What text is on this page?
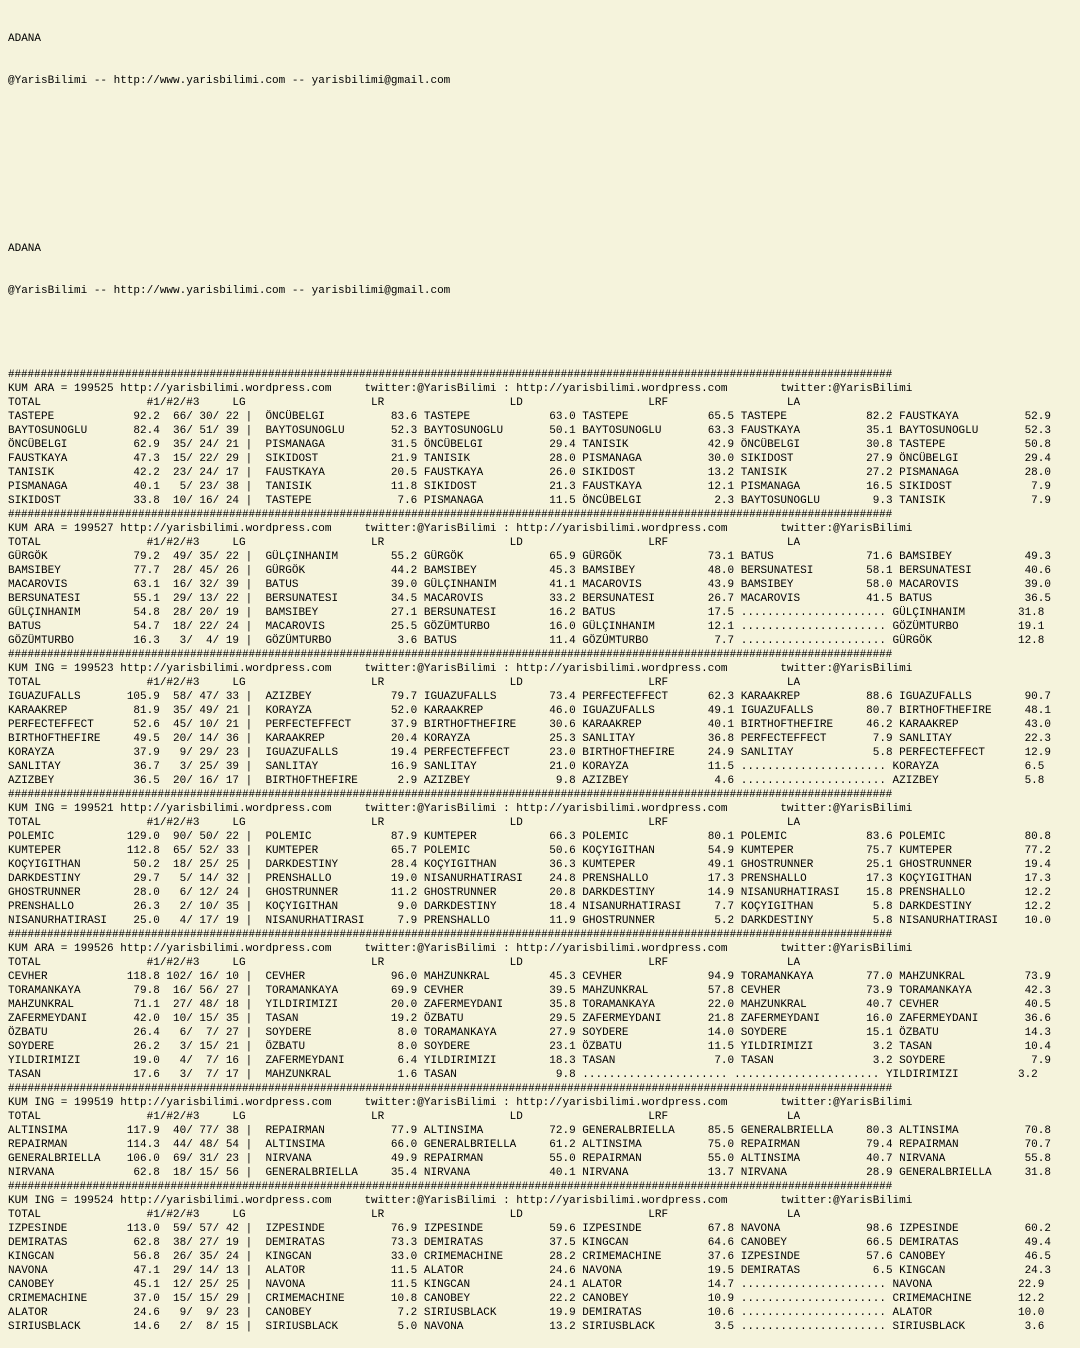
ADANA

@YarisBilimi -- http://www.yarisbilimi.com -- yarisbilimi@gmail.com

ADANA

@YarisBilimi -- http://www.yarisbilimi.com -- yarisbilimi@gmail.com

########################################################################################################################################
KUM ARA = 199525 http://yarisbilimi.wordpress.com     twitter:@YarisBilimi : http://yarisbilimi.wordpress.com        twitter:@YarisBilimi
TOTAL                #1/#2/#3     LG                   LR                   LD                   LRF                  LA
TASTEPE            92.2  66/ 30/ 22 |  ÖNCÜBELGI          83.6 TASTEPE            63.0 TASTEPE            65.5 TASTEPE            82.2 FAUSTKAYA          52.9
BAYTOSUNOGLU       82.4  36/ 51/ 39 |  BAYTOSUNOGLU       52.3 BAYTOSUNOGLU       50.1 BAYTOSUNOGLU       63.3 FAUSTKAYA          35.1 BAYTOSUNOGLU       52.3
ÖNCÜBELGI          62.9  35/ 24/ 21 |  PISMANAGA          31.5 ÖNCÜBELGI          29.4 TANISIK            42.9 ÖNCÜBELGI          30.8 TASTEPE            50.8
FAUSTKAYA          47.3  15/ 22/ 29 |  SIKIDOST           21.9 TANISIK            28.0 PISMANAGA          30.0 SIKIDOST           27.9 ÖNCÜBELGI          29.4
TANISIK            42.2  23/ 24/ 17 |  FAUSTKAYA          20.5 FAUSTKAYA          26.0 SIKIDOST           13.2 TANISIK            27.2 PISMANAGA          28.0
PISMANAGA          40.1   5/ 23/ 38 |  TANISIK            11.8 SIKIDOST           21.3 FAUSTKAYA          12.1 PISMANAGA          16.5 SIKIDOST            7.9
SIKIDOST           33.8  10/ 16/ 24 |  TASTEPE             7.6 PISMANAGA          11.5 ÖNCÜBELGI           2.3 BAYTOSUNOGLU        9.3 TANISIK             7.9
########################################################################################################################################
KUM ARA = 199527 http://yarisbilimi.wordpress.com     twitter:@YarisBilimi : http://yarisbilimi.wordpress.com        twitter:@YarisBilimi
TOTAL                #1/#2/#3     LG                   LR                   LD                   LRF                  LA
GÜRGÖK             79.2  49/ 35/ 22 |  GÜLÇINHANIM        55.2 GÜRGÖK             65.9 GÜRGÖK             73.1 BATUS              71.6 BAMSIBEY           49.3
BAMSIBEY           77.7  28/ 45/ 26 |  GÜRGÖK             44.2 BAMSIBEY           45.3 BAMSIBEY           48.0 BERSUNATESI        58.1 BERSUNATESI        40.6
MACAROVIS          63.1  16/ 32/ 39 |  BATUS              39.0 GÜLÇINHANIM        41.1 MACAROVIS          43.9 BAMSIBEY           58.0 MACAROVIS          39.0
BERSUNATESI        55.1  29/ 13/ 22 |  BERSUNATESI        34.5 MACAROVIS          33.2 BERSUNATESI        26.7 MACAROVIS          41.5 BATUS              36.5
GÜLÇINHANIM        54.8  28/ 20/ 19 |  BAMSIBEY           27.1 BERSUNATESI        16.2 BATUS              17.5 ...................... GÜLÇINHANIM        31.8
BATUS              54.7  18/ 22/ 24 |  MACAROVIS          25.5 GÖZÜMTURBO         16.0 GÜLÇINHANIM        12.1 ...................... GÖZÜMTURBO         19.1
GÖZÜMTURBO         16.3   3/  4/ 19 |  GÖZÜMTURBO          3.6 BATUS              11.4 GÖZÜMTURBO          7.7 ...................... GÜRGÖK             12.8
########################################################################################################################################
KUM ING = 199523 http://yarisbilimi.wordpress.com     twitter:@YarisBilimi : http://yarisbilimi.wordpress.com        twitter:@YarisBilimi
TOTAL                #1/#2/#3     LG                   LR                   LD                   LRF                  LA
IGUAZUFALLS       105.9  58/ 47/ 33 |  AZIZBEY            79.7 IGUAZUFALLS        73.4 PERFECTEFFECT      62.3 KARAAKREP          88.6 IGUAZUFALLS        90.7
KARAAKREP          81.9  35/ 49/ 21 |  KORAYZA            52.0 KARAAKREP          46.0 IGUAZUFALLS        49.1 IGUAZUFALLS        80.7 BIRTHOFTHEFIRE     48.1
PERFECTEFFECT      52.6  45/ 10/ 21 |  PERFECTEFFECT      37.9 BIRTHOFTHEFIRE     30.6 KARAAKREP          40.1 BIRTHOFTHEFIRE     46.2 KARAAKREP          43.0
BIRTHOFTHEFIRE     49.5  20/ 14/ 36 |  KARAAKREP          20.4 KORAYZA            25.3 SANLITAY           36.8 PERFECTEFFECT       7.9 SANLITAY           22.3
KORAYZA            37.9   9/ 29/ 23 |  IGUAZUFALLS        19.4 PERFECTEFFECT      23.0 BIRTHOFTHEFIRE     24.9 SANLITAY            5.8 PERFECTEFFECT      12.9
SANLITAY           36.7   3/ 25/ 39 |  SANLITAY           16.9 SANLITAY           21.0 KORAYZA            11.5 ...................... KORAYZA             6.5
AZIZBEY            36.5  20/ 16/ 17 |  BIRTHOFTHEFIRE      2.9 AZIZBEY             9.8 AZIZBEY             4.6 ...................... AZIZBEY             5.8
########################################################################################################################################
KUM ING = 199521 http://yarisbilimi.wordpress.com     twitter:@YarisBilimi : http://yarisbilimi.wordpress.com        twitter:@YarisBilimi
TOTAL                #1/#2/#3     LG                   LR                   LD                   LRF                  LA
POLEMIC           129.0  90/ 50/ 22 |  POLEMIC            87.9 KUMTEPER           66.3 POLEMIC            80.1 POLEMIC            83.6 POLEMIC            80.8
KUMTEPER          112.8  65/ 52/ 33 |  KUMTEPER           65.7 POLEMIC            50.6 KOÇYIGITHAN        54.9 KUMTEPER           75.7 KUMTEPER           77.2
KOÇYIGITHAN        50.2  18/ 25/ 25 |  DARKDESTINY        28.4 KOÇYIGITHAN        36.3 KUMTEPER           49.1 GHOSTRUNNER        25.1 GHOSTRUNNER        19.4
DARKDESTINY        29.7   5/ 14/ 32 |  PRENSHALLO         19.0 NISANURHATIRASI    24.8 PRENSHALLO         17.3 PRENSHALLO         17.3 KOÇYIGITHAN        17.3
GHOSTRUNNER        28.0   6/ 12/ 24 |  GHOSTRUNNER        11.2 GHOSTRUNNER        20.8 DARKDESTINY        14.9 NISANURHATIRASI    15.8 PRENSHALLO         12.2
PRENSHALLO         26.3   2/ 10/ 35 |  KOÇYIGITHAN         9.0 DARKDESTINY        18.4 NISANURHATIRASI     7.7 KOÇYIGITHAN         5.8 DARKDESTINY        12.2
NISANURHATIRASI    25.0   4/ 17/ 19 |  NISANURHATIRASI     7.9 PRENSHALLO         11.9 GHOSTRUNNER         5.2 DARKDESTINY         5.8 NISANURHATIRASI    10.0
########################################################################################################################################
KUM ARA = 199526 http://yarisbilimi.wordpress.com     twitter:@YarisBilimi : http://yarisbilimi.wordpress.com        twitter:@YarisBilimi
TOTAL                #1/#2/#3     LG                   LR                   LD                   LRF                  LA
CEVHER            118.8 102/ 16/ 10 |  CEVHER             96.0 MAHZUNKRAL         45.3 CEVHER             94.9 TORAMANKAYA        77.0 MAHZUNKRAL         73.9
TORAMANKAYA        79.8  16/ 56/ 27 |  TORAMANKAYA        69.9 CEVHER             39.5 MAHZUNKRAL         57.8 CEVHER             73.9 TORAMANKAYA        42.3
MAHZUNKRAL         71.1  27/ 48/ 18 |  YILDIRIMIZI        20.0 ZAFERMEYDANI       35.8 TORAMANKAYA        22.0 MAHZUNKRAL         40.7 CEVHER             40.5
ZAFERMEYDANI       42.0  10/ 15/ 35 |  TASAN              19.2 ÖZBATU             29.5 ZAFERMEYDANI       21.8 ZAFERMEYDANI       16.0 ZAFERMEYDANI       36.6
ÖZBATU             26.4   6/  7/ 27 |  SOYDERE             8.0 TORAMANKAYA        27.9 SOYDERE            14.0 SOYDERE            15.1 ÖZBATU             14.3
SOYDERE            26.2   3/ 15/ 21 |  ÖZBATU              8.0 SOYDERE            23.1 ÖZBATU             11.5 YILDIRIMIZI         3.2 TASAN              10.4
YILDIRIMIZI        19.0   4/  7/ 16 |  ZAFERMEYDANI        6.4 YILDIRIMIZI        18.3 TASAN               7.0 TASAN               3.2 SOYDERE             7.9
TASAN              17.6   3/  7/ 17 |  MAHZUNKRAL          1.6 TASAN               9.8 ...................... ...................... YILDIRIMIZI         3.2
########################################################################################################################################
KUM ING = 199519 http://yarisbilimi.wordpress.com     twitter:@YarisBilimi : http://yarisbilimi.wordpress.com        twitter:@YarisBilimi
TOTAL                #1/#2/#3     LG                   LR                   LD                   LRF                  LA
ALTINSIMA         117.9  40/ 77/ 38 |  REPAIRMAN          77.9 ALTINSIMA          72.9 GENERALBRIELLA     85.5 GENERALBRIELLA     80.3 ALTINSIMA          70.8
REPAIRMAN         114.3  44/ 48/ 54 |  ALTINSIMA          66.0 GENERALBRIELLA     61.2 ALTINSIMA          75.0 REPAIRMAN          79.4 REPAIRMAN          70.7
GENERALBRIELLA    106.0  69/ 31/ 23 |  NIRVANA            49.9 REPAIRMAN          55.0 REPAIRMAN          55.0 ALTINSIMA          40.7 NIRVANA            55.8
NIRVANA            62.8  18/ 15/ 56 |  GENERALBRIELLA     35.4 NIRVANA            40.1 NIRVANA            13.7 NIRVANA            28.9 GENERALBRIELLA     31.8
########################################################################################################################################
KUM ING = 199524 http://yarisbilimi.wordpress.com     twitter:@YarisBilimi : http://yarisbilimi.wordpress.com        twitter:@YarisBilimi
TOTAL                #1/#2/#3     LG                   LR                   LD                   LRF                  LA
IZPESINDE         113.0  59/ 57/ 42 |  IZPESINDE          76.9 IZPESINDE          59.6 IZPESINDE          67.8 NAVONA             98.6 IZPESINDE          60.2
DEMIRATAS          62.8  38/ 27/ 19 |  DEMIRATAS          73.3 DEMIRATAS          37.5 KINGCAN            64.6 CANOBEY            66.5 DEMIRATAS          49.4
KINGCAN            56.8  26/ 35/ 24 |  KINGCAN            33.0 CRIMEMACHINE       28.2 CRIMEMACHINE       37.6 IZPESINDE          57.6 CANOBEY            46.5
NAVONA             47.1  29/ 14/ 13 |  ALATOR             11.5 ALATOR             24.6 NAVONA             19.5 DEMIRATAS           6.5 KINGCAN            24.3
CANOBEY            45.1  12/ 25/ 25 |  NAVONA             11.5 KINGCAN            24.1 ALATOR             14.7 ...................... NAVONA             22.9
CRIMEMACHINE       37.0  15/ 15/ 29 |  CRIMEMACHINE       10.8 CANOBEY            22.2 CANOBEY            10.9 ...................... CRIMEMACHINE       12.2
ALATOR             24.6   9/  9/ 23 |  CANOBEY             7.2 SIRIUSBLACK        19.9 DEMIRATAS          10.6 ...................... ALATOR             10.0
SIRIUSBLACK        14.6   2/  8/ 15 |  SIRIUSBLACK         5.0 NAVONA             13.2 SIRIUSBLACK         3.5 ...................... SIRIUSBLACK         3.6
